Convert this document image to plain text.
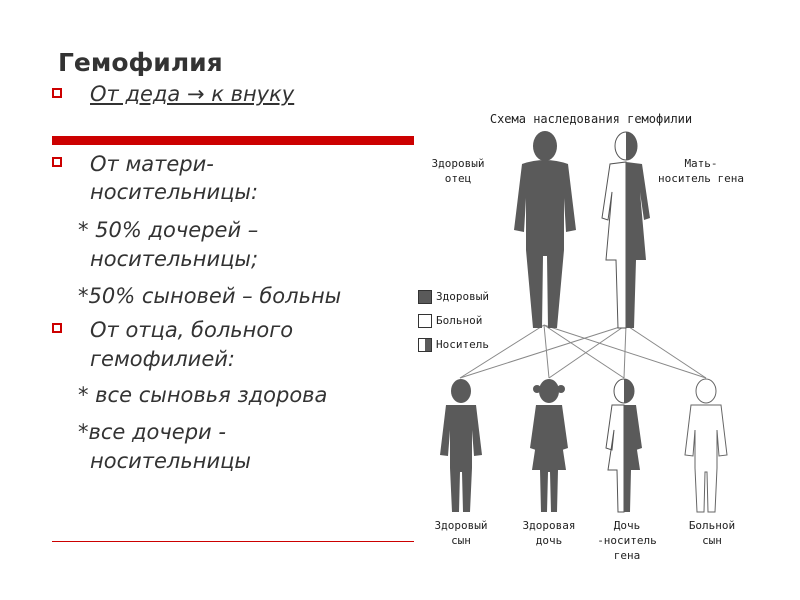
Гемофилия
От деда → к внуку
От матери-
носительницы:
* 50% дочерей –
носительницы;
*50% сыновей – больны
От отца, больного
гемофилией:
* все сыновья здорова
*все дочери -
носительницы
Схема наследования гемофилии
Здоровый
отец
Мать-
носитель гена
Здоровый
Больной
Носитель
Здоровый
сын
Здоровая
дочь
Дочь
-носитель
гена
Больной
сын
